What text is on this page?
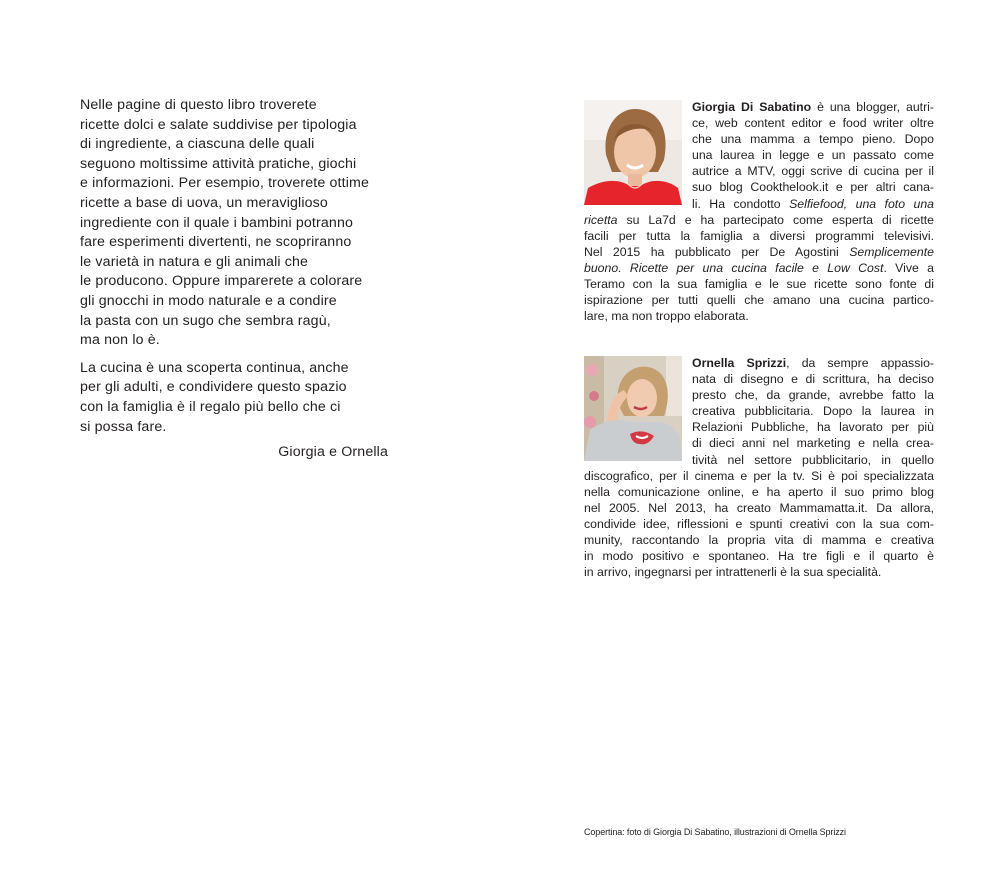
Nelle pagine di questo libro troverete
ricette dolci e salate suddivise per tipologia
di ingrediente, a ciascuna delle quali
seguono moltissime attività pratiche, giochi
e informazioni. Per esempio, troverete ottime
ricette a base di uova, un meraviglioso
ingrediente con il quale i bambini potranno
fare esperimenti divertenti, ne scopriranno
le varietà in natura e gli animali che
le producono. Oppure imparerete a colorare
gli gnocchi in modo naturale e a condire
la pasta con un sugo che sembra ragù,
ma non lo è.
La cucina è una scoperta continua, anche
per gli adulti, e condividere questo spazio
con la famiglia è il regalo più bello che ci
si possa fare.
Giorgia e Ornella
Giorgia Di Sabatino è una blogger, autri-
ce, web content editor e food writer oltre
che una mamma a tempo pieno. Dopo
una laurea in legge e un passato come
autrice a MTV, oggi scrive di cucina per il
suo blog Cookthelook.it e per altri cana-
li. Ha condotto Selfiefood, una foto una
ricetta su La7d e ha partecipato come esperta di ricette
facili per tutta la famiglia a diversi programmi televisivi.
Nel 2015 ha pubblicato per De Agostini Semplicemente
buono. Ricette per una cucina facile e Low Cost. Vive a
Teramo con la sua famiglia e le sue ricette sono fonte di
ispirazione per tutti quelli che amano una cucina partico-
lare, ma non troppo elaborata.
Ornella Sprizzi, da sempre appassio-
nata di disegno e di scrittura, ha deciso
presto che, da grande, avrebbe fatto la
creativa pubblicitaria. Dopo la laurea in
Relazioni Pubbliche, ha lavorato per più
di dieci anni nel marketing e nella crea-
tività nel settore pubblicitario, in quello
discografico, per il cinema e per la tv. Si è poi specializzata
nella comunicazione online, e ha aperto il suo primo blog
nel 2005. Nel 2013, ha creato Mammamatta.it. Da allora,
condivide idee, riflessioni e spunti creativi con la sua com-
munity, raccontando la propria vita di mamma e creativa
in modo positivo e spontaneo. Ha tre figli e il quarto è
in arrivo, ingegnarsi per intrattenerli è la sua specialità.
Copertina: foto di Giorgia Di Sabatino, illustrazioni di Ornella Sprizzi
